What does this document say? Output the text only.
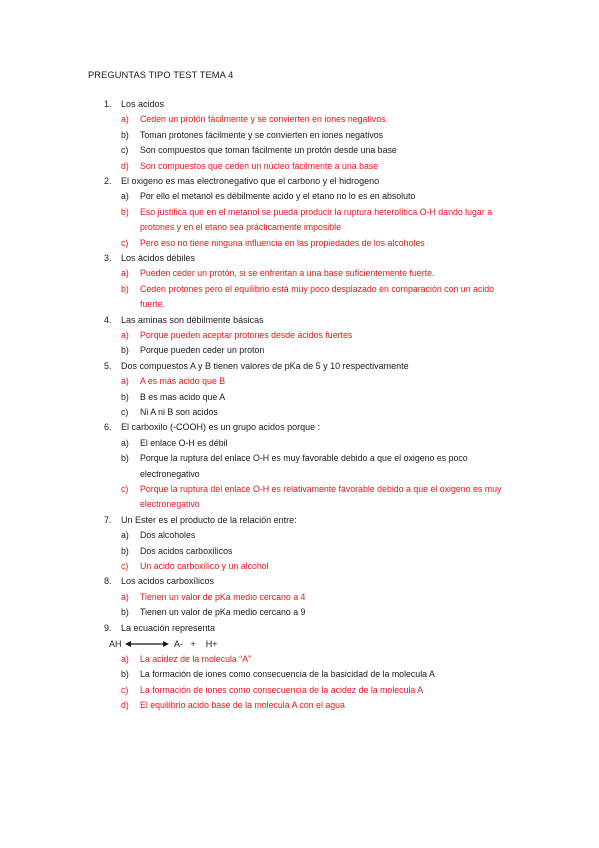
PREGUNTAS TIPO TEST TEMA 4
1. Los acidos
a) Ceden un protón fácilmente y se convierten en iones negativos.
b) Toman protones fácilmente y se convierten en iones negativos
c) Son compuestos que toman fácilmente un protón desde una base
d) Son compuestos que ceden un núcleo fácilmente a una base
2. El oxigeno es mas electronegativo que el carbono y el hidrogeno
a) Por ello el metanol es débilmente acido y el etano no lo es en absoluto
b) Eso justifica que en el metanol se pueda producir la ruptura heterolítica O-H dando lugar a protones y en el etano sea prácticamente imposible
c) Pero eso no tiene ninguna influencia en las propiedades de los alcoholes
3. Los ácidos débiles
a) Pueden ceder un protón, si se enfrentan a una base suficientemente fuerte.
b) Ceden protones pero el equilibrio está muy poco desplazado en comparación con un acido fuerte.
4. Las aminas son débilmente básicas
a) Porque pueden aceptar protones desde ácidos fuertes
b) Porque pueden ceder un proton
5. Dos compuestos A y B tienen valores de pKa de 5 y 10 respectivamente
a) A es más acido que B
b) B es mas acido que A
c) Ni A ni B son acidos
6. El carboxilo (-COOH) es un grupo acidos porque :
a) El enlace O-H es débil
b) Porque la ruptura del enlace O-H es muy favorable debido a que el oxigeno es poco electronegativo
c) Porque la ruptura del enlace O-H es relativamente favorable debido a que el oxigeno es muy electronegativo
7. Un Ester es el producto de la relación entre:
a) Dos alcoholes
b) Dos acidos carboxílicos
c) Un acido carboxílico y un alcohol
8. Los acidos carboxílicos
a) Tienen un valor de pKa medio cercano a 4
b) Tienen un valor de pKa medio cercano a 9
9. La ecuación representa
AH	A-   +    H+
a) La acidez de la molecula “A”
b) La formación de iones como consecuencia de la basicidad de la molecula A
c) La formación de iones como consecuencia de la acidez de la molecula A
d) El equilibrio acido base de la molecula A con el agua
